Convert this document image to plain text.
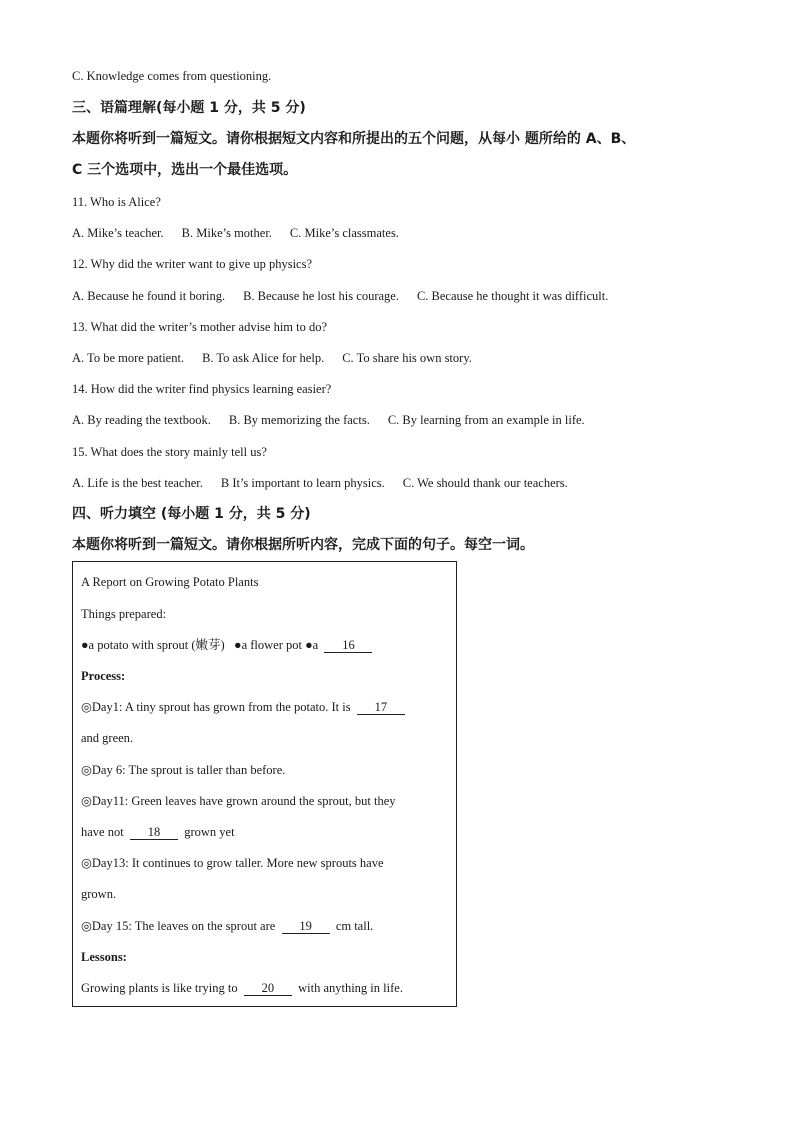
C. Knowledge comes from questioning.
三、语篇理解(每小题 1 分，共 5 分)
本题你将听到一篇短文。请你根据短文内容和所提出的五个问题，从每小 题所给的 A、B、
C 三个选项中，选出一个最佳选项。
11. Who is Alice?
A. Mike’s teacher. B. Mike’s mother. C. Mike’s classmates.
12. Why did the writer want to give up physics?
A. Because he found it boring. B. Because he lost his courage. C. Because he thought it was difficult.
13. What did the writer’s mother advise him to do?
A. To be more patient. B. To ask Alice for help. C. To share his own story.
14. How did the writer find physics learning easier?
A. By reading the textbook. B. By memorizing the facts. C. By learning from an example in life.
15. What does the story mainly tell us?
A. Life is the best teacher. B It’s important to learn physics. C. We should thank our teachers.
四、听力填空 (每小题 1 分，共 5 分)
本题你将听到一篇短文。请你根据所听内容，完成下面的句子。每空一词。
A Report on Growing Potato Plants
Things prepared:
●a potato with sprout (嫩芽) ●a flower pot ●a 16
Process:
◎Day1: A tiny sprout has grown from the potato. It is 17
and green.
◎Day 6: The sprout is taller than before.
◎Day11: Green leaves have grown around the sprout, but they
have not 18 grown yet
◎Day13: It continues to grow taller. More new sprouts have
grown.
◎Day 15: The leaves on the sprout are 19 cm tall.
Lessons:
Growing plants is like trying to 20 with anything in life.
